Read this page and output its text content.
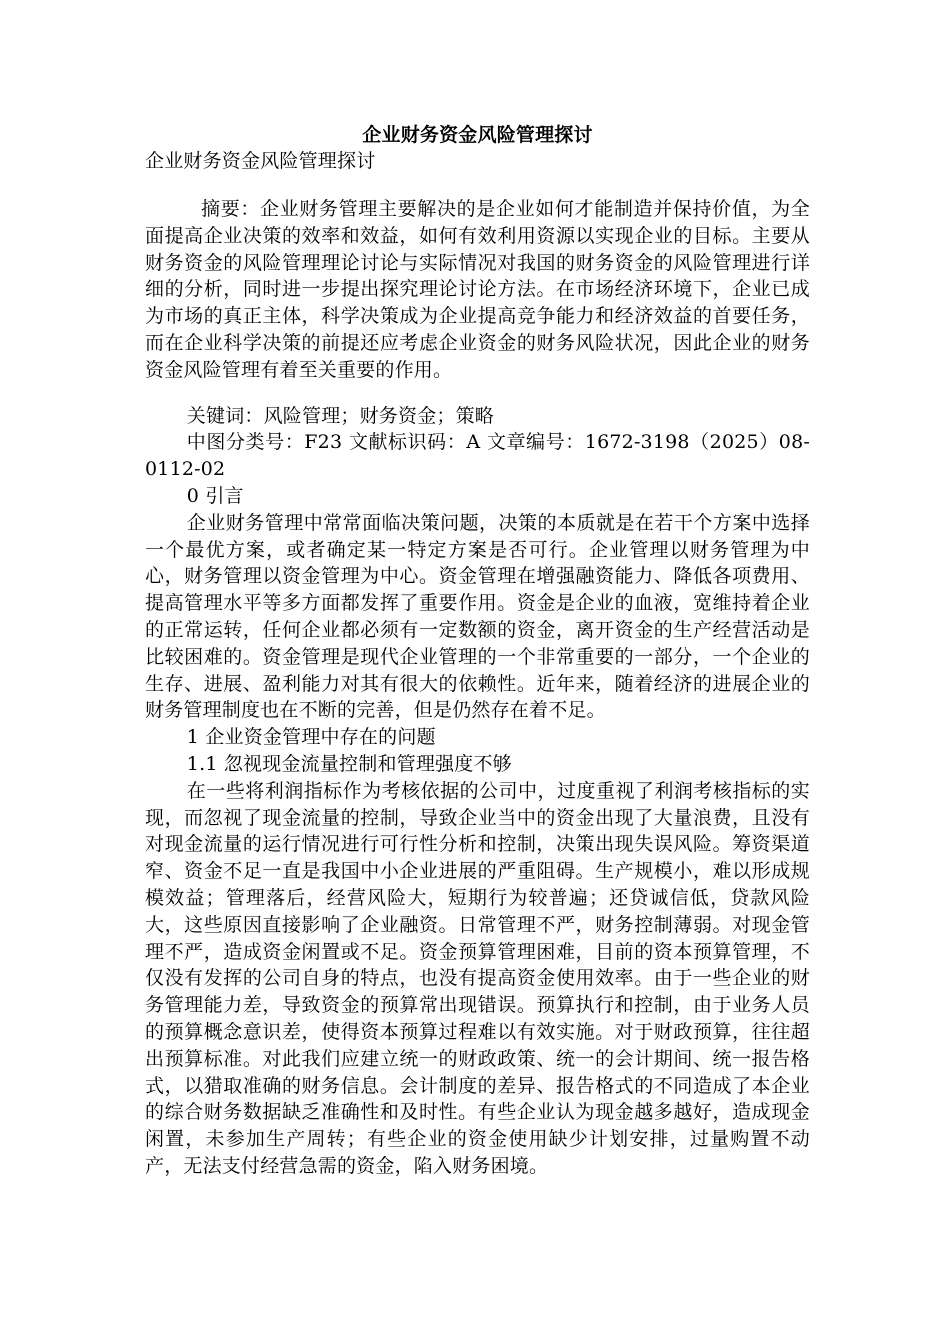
企业财务资金风险管理探讨
企业财务资金风险管理探讨

摘要：企业财务管理主要解决的是企业如何才能制造并保持价值，为全面提高企业决策的效率和效益，如何有效利用资源以实现企业的目标。主要从财务资金的风险管理理论讨论与实际情况对我国的财务资金的风险管理进行详细的分析，同时进一步提出探究理论讨论方法。在市场经济环境下，企业已成为市场的真正主体，科学决策成为企业提高竞争能力和经济效益的首要任务，而在企业科学决策的前提还应考虑企业资金的财务风险状况，因此企业的财务资金风险管理有着至关重要的作用。

关键词：风险管理；财务资金；策略

中图分类号：F23 文献标识码：A 文章编号：1672-3198（2025）08-0112-02

0 引言

企业财务管理中常常面临决策问题，决策的本质就是在若干个方案中选择一个最优方案，或者确定某一特定方案是否可行。企业管理以财务管理为中心，财务管理以资金管理为中心。资金管理在增强融资能力、降低各项费用、提高管理水平等多方面都发挥了重要作用。资金是企业的血液，宽维持着企业的正常运转，任何企业都必须有一定数额的资金，离开资金的生产经营活动是比较困难的。资金管理是现代企业管理的一个非常重要的一部分，一个企业的生存、进展、盈利能力对其有很大的依赖性。近年来，随着经济的进展企业的财务管理制度也在不断的完善，但是仍然存在着不足。

1 企业资金管理中存在的问题

1.1 忽视现金流量控制和管理强度不够

在一些将利润指标作为考核依据的公司中，过度重视了利润考核指标的实现，而忽视了现金流量的控制，导致企业当中的资金出现了大量浪费，且没有对现金流量的运行情况进行可行性分析和控制，决策出现失误风险。筹资渠道窄、资金不足一直是我国中小企业进展的严重阻碍。生产规模小，难以形成规模效益；管理落后，经营风险大，短期行为较普遍；还贷诚信低，贷款风险大，这些原因直接影响了企业融资。日常管理不严，财务控制薄弱。对现金管理不严，造成资金闲置或不足。资金预算管理困难，目前的资本预算管理，不仅没有发挥的公司自身的特点，也没有提高资金使用效率。由于一些企业的财务管理能力差，导致资金的预算常出现错误。预算执行和控制，由于业务人员的预算概念意识差，使得资本预算过程难以有效实施。对于财政预算，往往超出预算标准。对此我们应建立统一的财政政策、统一的会计期间、统一报告格式，以猎取准确的财务信息。会计制度的差异、报告格式的不同造成了本企业的综合财务数据缺乏准确性和及时性。有些企业认为现金越多越好，造成现金闲置，未参加生产周转；有些企业的资金使用缺少计划安排，过量购置不动产，无法支付经营急需的资金，陷入财务困境。
